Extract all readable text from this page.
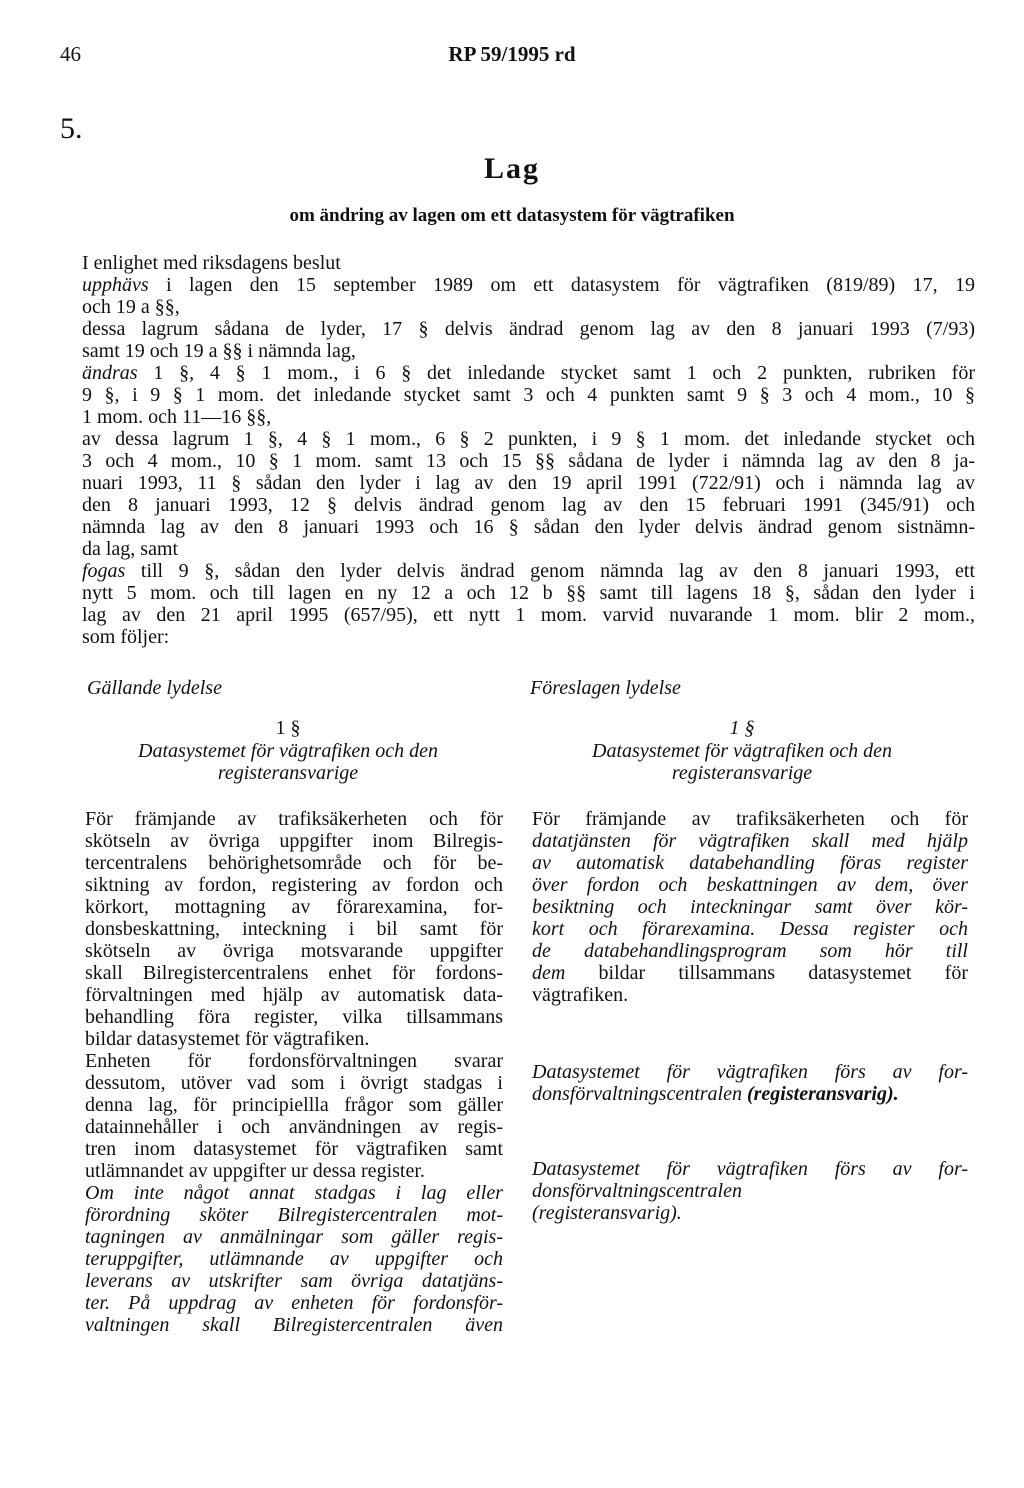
46	RP 59/1995 rd
5.
Lag
om ändring av lagen om ett datasystem för vägtrafiken
I enlighet med riksdagens beslut
upphävs i lagen den 15 september 1989 om ett datasystem för vägtrafiken (819/89) 17, 19
och 19 a §§,
dessa lagrum sådana de lyder, 17 § delvis ändrad genom lag av den 8 januari 1993 (7/93)
samt 19 och 19 a §§ i nämnda lag,
ändras 1 §, 4 § 1 mom., i 6 § det inledande stycket samt 1 och 2 punkten, rubriken för
9 §, i 9 § 1 mom. det inledande stycket samt 3 och 4 punkten samt 9 § 3 och 4 mom., 10 §
1 mom. och 11—16 §§,
av dessa lagrum 1 §, 4 § 1 mom., 6 § 2 punkten, i 9 § 1 mom. det inledande stycket och
3 och 4 mom., 10 § 1 mom. samt 13 och 15 §§ sådana de lyder i nämnda lag av den 8 ja-
nuari 1993, 11 § sådan den lyder i lag av den 19 april 1991 (722/91) och i nämnda lag av
den 8 januari 1993, 12 § delvis ändrad genom lag av den 15 februari 1991 (345/91) och
nämnda lag av den 8 januari 1993 och 16 § sådan den lyder delvis ändrad genom sistnämn-
da lag, samt
fogas till 9 §, sådan den lyder delvis ändrad genom nämnda lag av den 8 januari 1993, ett
nytt 5 mom. och till lagen en ny 12 a och 12 b §§ samt till lagens 18 §, sådan den lyder i
lag av den 21 april 1995 (657/95), ett nytt 1 mom. varvid nuvarande 1 mom. blir 2 mom.,
som följer:
Gällande lydelse	Föreslagen lydelse
1 §
Datasystemet för vägtrafiken och den
registeransvarige
1 §
Datasystemet för vägtrafiken och den
registeransvarige
För främjande av trafiksäkerheten och för
skötseln av övriga uppgifter inom Bilregis-
tercentralens behörighetsområde och för be-
siktning av fordon, registering av fordon och
körkort, mottagning av förarexamina, for-
donsbeskattning, inteckning i bil samt för
skötseln av övriga motsvarande uppgifter
skall Bilregistercentralens enhet för fordons-
förvaltningen med hjälp av automatisk data-
behandling föra register, vilka tillsammans
bildar datasystemet för vägtrafiken.
Enheten för fordonsförvaltningen svarar
dessutom, utöver vad som i övrigt stadgas i
denna lag, för principiellla frågor som gäller
datainnehåller i och användningen av regis-
tren inom datasystemet för vägtrafiken samt
utlämnandet av uppgifter ur dessa register.
Om inte något annat stadgas i lag eller
förordning sköter Bilregistercentralen mot-
tagningen av anmälningar som gäller regis-
teruppgifter, utlämnande av uppgifter och
leverans av utskrifter sam övriga datatjäns-
ter. På uppdrag av enheten för fordonsför-
valtningen skall Bilregistercentralen även
För främjande av trafiksäkerheten och för
datatjänsten för vägtrafiken skall med hjälp
av automatisk databehandling föras register
över fordon och beskattningen av dem, över
besiktning och inteckningar samt över kör-
kort och förarexamina. Dessa register och
de databehandlingsprogram som hör till
dem bildar tillsammans datasystemet för
vägtrafiken.
Datasystemet för vägtrafiken förs av for-
donsförvaltningscentralen (registeransvarig).
Datasystemet för vägtrafiken förs av for-
donsförvaltningscentralen
(registeransvarig).
